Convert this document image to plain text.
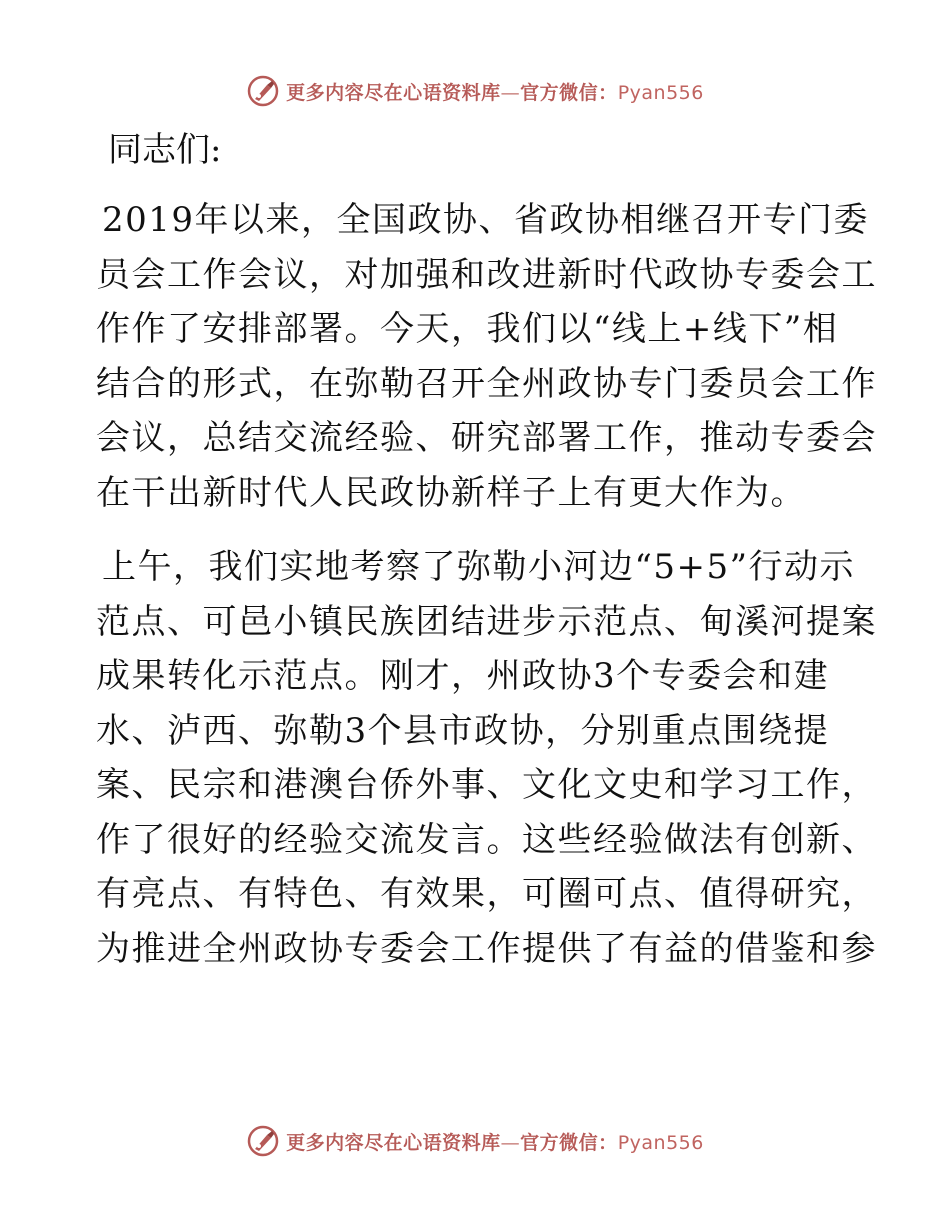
更多内容尽在心语资料库—官方微信：Pyan556
同志们:
2019年以来，全国政协、省政协相继召开专门委
员会工作会议，对加强和改进新时代政协专委会工
作作了安排部署。今天，我们以“线上+线下”相
结合的形式，在弥勒召开全州政协专门委员会工作
会议，总结交流经验、研究部署工作，推动专委会
在干出新时代人民政协新样子上有更大作为。
上午，我们实地考察了弥勒小河边“5+5”行动示
范点、可邑小镇民族团结进步示范点、甸溪河提案
成果转化示范点。刚才，州政协3个专委会和建
水、泸西、弥勒3个县市政协，分别重点围绕提
案、民宗和港澳台侨外事、文化文史和学习工作，
作了很好的经验交流发言。这些经验做法有创新、
有亮点、有特色、有效果，可圈可点、值得研究，
为推进全州政协专委会工作提供了有益的借鉴和参
更多内容尽在心语资料库—官方微信：Pyan556
